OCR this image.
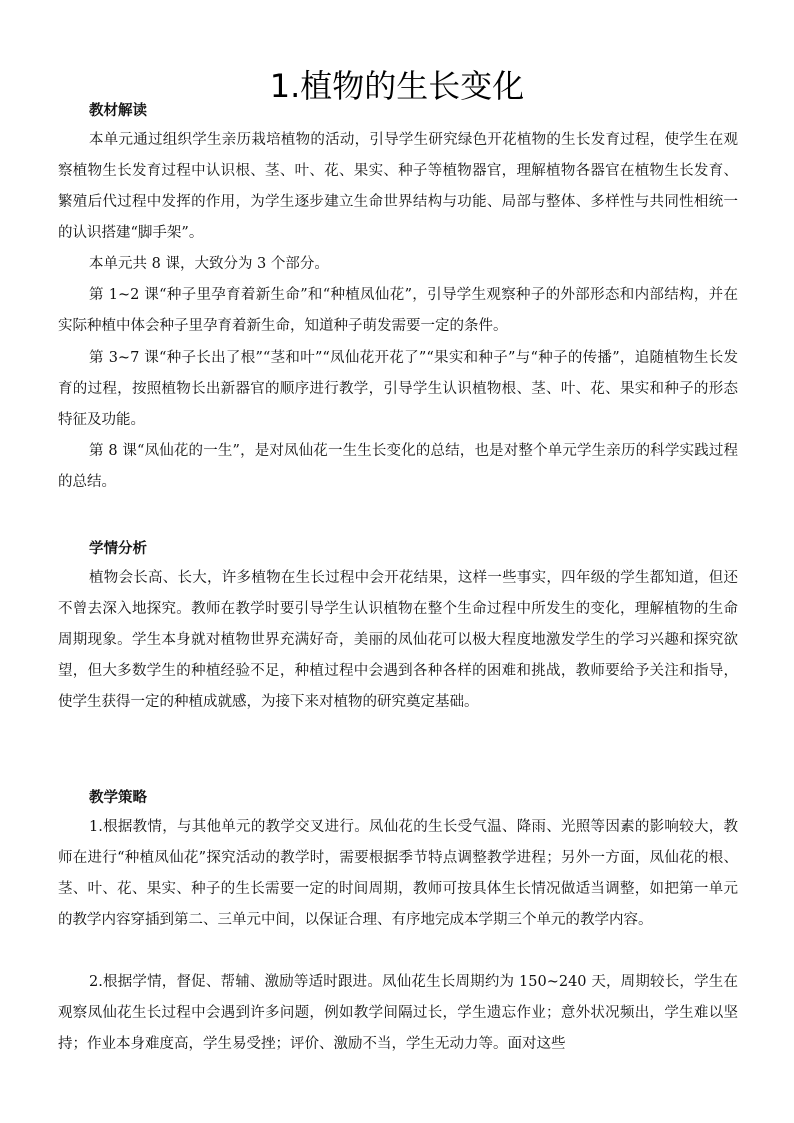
1.植物的生长变化
教材解读

本单元通过组织学生亲历栽培植物的活动，引导学生研究绿色开花植物的生长发育过程，使学生在观察植物生长发育过程中认识根、茎、叶、花、果实、种子等植物器官，理解植物各器官在植物生长发育、繁殖后代过程中发挥的作用，为学生逐步建立生命世界结构与功能、局部与整体、多样性与共同性相统一的认识搭建“脚手架”。

本单元共 8 课，大致分为 3 个部分。

第 1~2 课“种子里孕育着新生命”和“种植凤仙花”，引导学生观察种子的外部形态和内部结构，并在实际种植中体会种子里孕育着新生命，知道种子萌发需要一定的条件。

第 3~7 课“种子长出了根”“茎和叶”“凤仙花开花了”“果实和种子”与“种子的传播”，追随植物生长发育的过程，按照植物长出新器官的顺序进行教学，引导学生认识植物根、茎、叶、花、果实和种子的形态特征及功能。

第 8 课“凤仙花的一生”，是对凤仙花一生生长变化的总结，也是对整个单元学生亲历的科学实践过程的总结。

学情分析

植物会长高、长大，许多植物在生长过程中会开花结果，这样一些事实，四年级的学生都知道，但还不曾去深入地探究。教师在教学时要引导学生认识植物在整个生命过程中所发生的变化，理解植物的生命周期现象。学生本身就对植物世界充满好奇，美丽的凤仙花可以极大程度地激发学生的学习兴趣和探究欲望，但大多数学生的种植经验不足，种植过程中会遇到各种各样的困难和挑战，教师要给予关注和指导，使学生获得一定的种植成就感，为接下来对植物的研究奠定基础。

教学策略

1.根据教情，与其他单元的教学交叉进行。凤仙花的生长受气温、降雨、光照等因素的影响较大，教师在进行“种植凤仙花”探究活动的教学时，需要根据季节特点调整教学进程；另外一方面，凤仙花的根、茎、叶、花、果实、种子的生长需要一定的时间周期，教师可按具体生长情况做适当调整，如把第一单元的教学内容穿插到第二、三单元中间，以保证合理、有序地完成本学期三个单元的教学内容。

2.根据学情，督促、帮辅、激励等适时跟进。凤仙花生长周期约为 150~240 天，周期较长，学生在观察凤仙花生长过程中会遇到许多问题，例如教学间隔过长，学生遗忘作业；意外状况频出，学生难以坚持；作业本身难度高，学生易受挫；评价、激励不当，学生无动力等。面对这些
